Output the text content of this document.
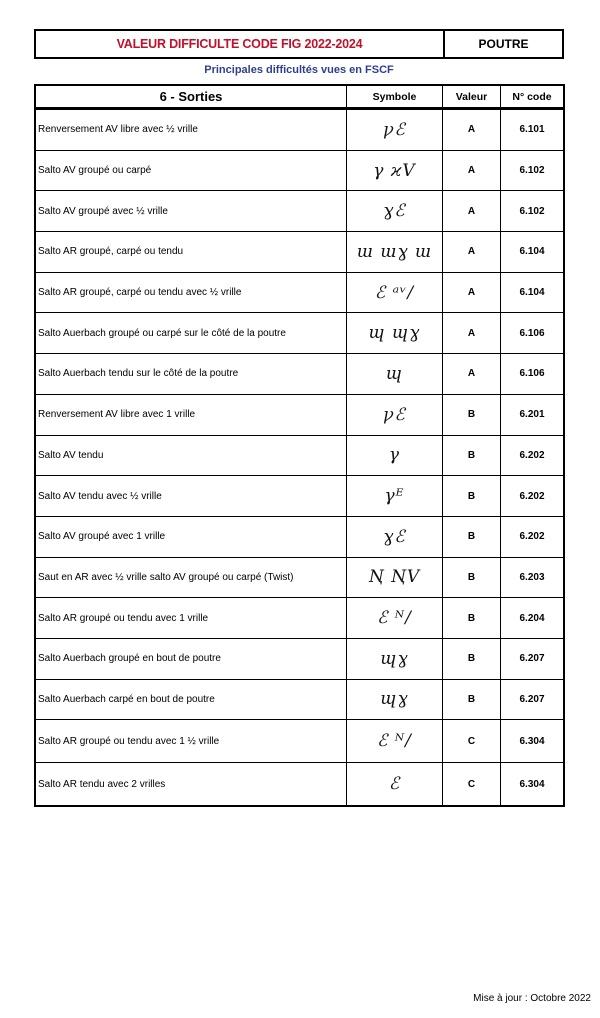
VALEUR DIFFICULTE CODE FIG 2022-2024	POUTRE
Principales difficultés vues en FSCF
6 - Sorties	Symbole	Valeur	N° code
Renversement AV libre avec ½ vrille	ꝩℰ	A	6.101
Salto AV groupé ou carpé	γ ϰV	A	6.102
Salto AV groupé avec ½ vrille	ɣℰ	A	6.102
Salto AR groupé, carpé ou tendu	ɯ ɯɣ ɯ	A	6.104
Salto AR groupé, carpé ou tendu avec ½ vrille	ℰ ᵃᵛ/	A	6.104
Salto Auerbach groupé ou carpé sur le côté de la poutre	ɰ ɰɣ	A	6.106
Salto Auerbach tendu sur le côté de la poutre	ɰ	A	6.106
Renversement AV libre avec 1 vrille	ꝩℰ	B	6.201
Salto AV tendu	γ	B	6.202
Salto AV tendu avec ½ vrille	γᴱ	B	6.202
Salto AV groupé avec 1 vrille	ɣℰ	B	6.202
Saut en AR avec ½ vrille salto AV groupé ou carpé (Twist)	Ꞑ ꞐV	B	6.203
Salto AR groupé ou tendu avec 1 vrille	ℰ ᴺ/	B	6.204
Salto Auerbach groupé en bout de poutre	ɰɣ	B	6.207
Salto Auerbach carpé en bout de poutre	ɰɣ	B	6.207
Salto AR groupé ou tendu avec 1 ½ vrille	ℰ ᴺ/	C	6.304
Salto AR tendu avec 2 vrilles	ℰ	C	6.304
Mise à jour : Octobre 2022
